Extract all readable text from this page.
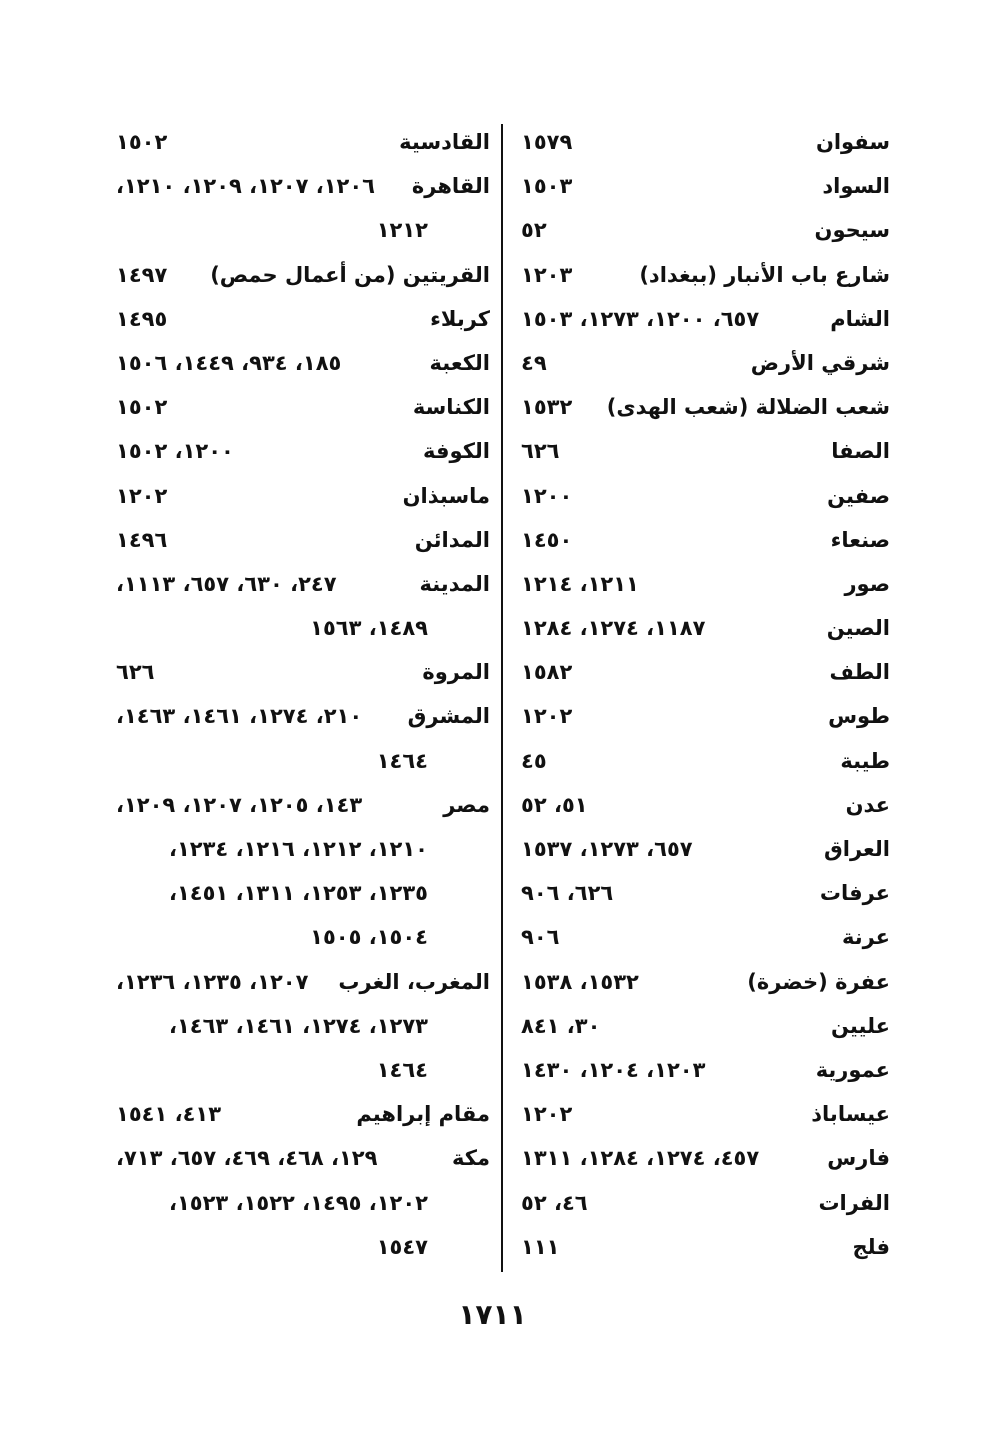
سفوان
١٥٧٩
السواد
١٥٠٣
سيحون
٥٢
شارع باب الأنبار (ببغداد)
١٢٠٣
الشام
٦٥٧، ١٢٠٠، ١٢٧٣، ١٥٠٣
شرقي الأرض
٤٩
شعب الضلالة (شعب الهدى)
١٥٣٢
الصفا
٦٢٦
صفين
١٢٠٠
صنعاء
١٤٥٠
صور
١٢١١، ١٢١٤
الصين
١١٨٧، ١٢٧٤، ١٢٨٤
الطف
١٥٨٢
طوس
١٢٠٢
طيبة
٤٥
عدن
٥١، ٥٢
العراق
٦٥٧، ١٢٧٣، ١٥٣٧
عرفات
٦٢٦، ٩٠٦
عرنة
٩٠٦
عفرة (خضرة)
١٥٣٢، ١٥٣٨
عليين
٣٠، ٨٤١
عمورية
١٢٠٣، ١٢٠٤، ١٤٣٠
عيساباذ
١٢٠٢
فارس
٤٥٧، ١٢٧٤، ١٢٨٤، ١٣١١
الفرات
٤٦، ٥٢
فلج
١١١
القادسية
١٥٠٢
القاهرة
١٢٠٦، ١٢٠٧، ١٢٠٩، ١٢١٠،
١٢١٢
القريتين (من أعمال حمص)
١٤٩٧
كربلاء
١٤٩٥
الكعبة
١٨٥، ٩٣٤، ١٤٤٩، ١٥٠٦
الكناسة
١٥٠٢
الكوفة
١٢٠٠، ١٥٠٢
ماسبذان
١٢٠٢
المدائن
١٤٩٦
المدينة
٢٤٧، ٦٣٠، ٦٥٧، ١١١٣،
١٤٨٩، ١٥٦٣
المروة
٦٢٦
المشرق
٢١٠، ١٢٧٤، ١٤٦١، ١٤٦٣،
١٤٦٤
مصر
١٤٣، ١٢٠٥، ١٢٠٧، ١٢٠٩،
١٢١٠، ١٢١٢، ١٢١٦، ١٢٣٤،
١٢٣٥، ١٢٥٣، ١٣١١، ١٤٥١،
١٥٠٤، ١٥٠٥
المغرب، الغرب
١٢٠٧، ١٢٣٥، ١٢٣٦،
١٢٧٣، ١٢٧٤، ١٤٦١، ١٤٦٣،
١٤٦٤
مقام إبراهيم
٤١٣، ١٥٤١
مكة
١٢٩، ٤٦٨، ٤٦٩، ٦٥٧، ٧١٣،
١٢٠٢، ١٤٩٥، ١٥٢٢، ١٥٢٣،
١٥٤٧
١٧١١
